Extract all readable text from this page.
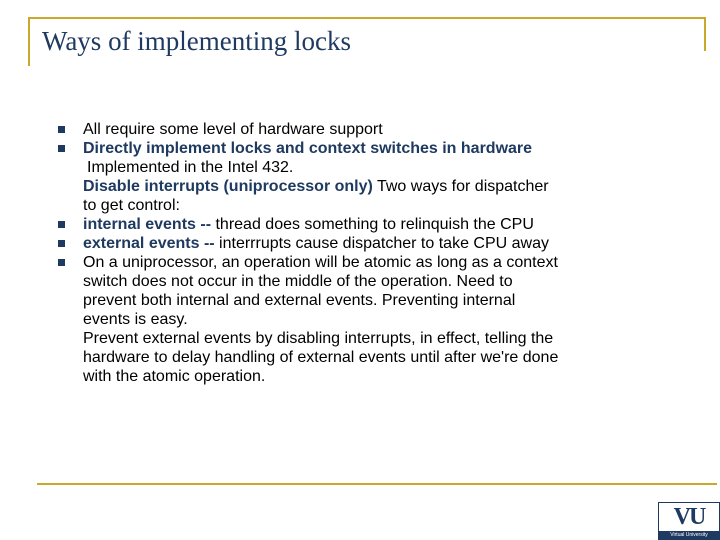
Ways of implementing locks
All require some level of hardware support
Directly implement locks and context switches in hardware
Implemented in the Intel 432.
Disable interrupts (uniprocessor only) Two ways for dispatcher
to get control:
internal events -- thread does something to relinquish the CPU
external events -- interrrupts cause dispatcher to take CPU away
On a uniprocessor, an operation will be atomic as long as a context
switch does not occur in the middle of the operation. Need to
prevent both internal and external events. Preventing internal
events is easy.
Prevent external events by disabling interrupts, in effect, telling the
hardware to delay handling of external events until after we're done
with the atomic operation.
VU
Virtual University
